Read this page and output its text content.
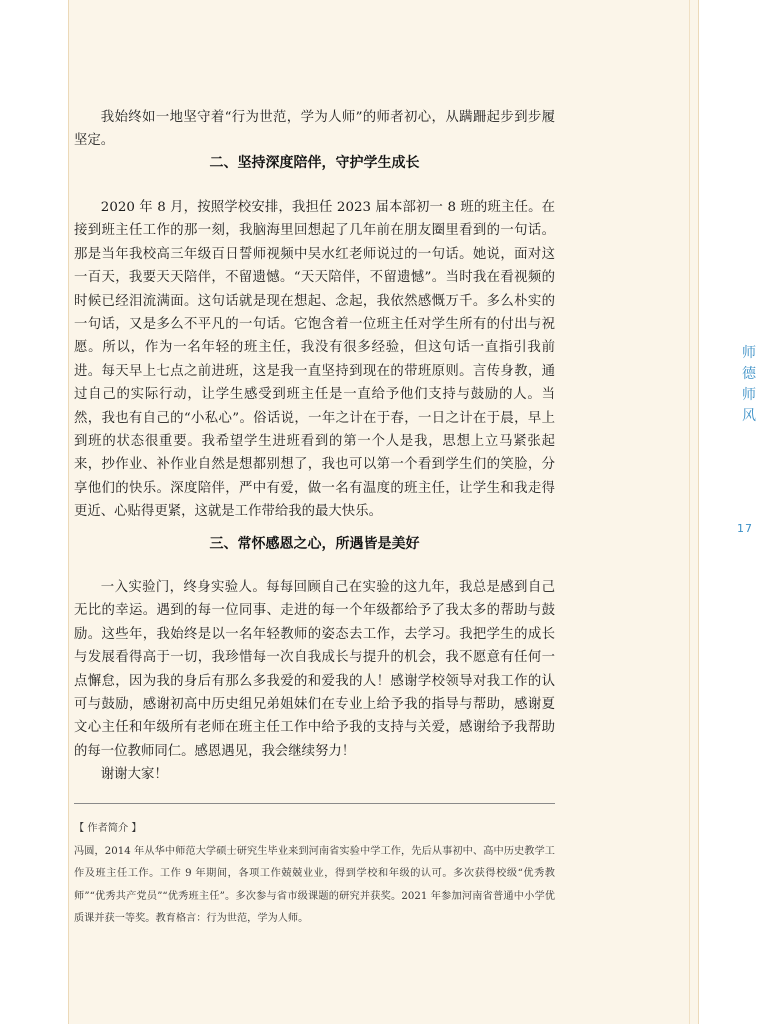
我始终如一地坚守着“行为世范，学为人师”的师者初心，从蹒跚起步到步履坚定。

二、坚持深度陪伴，守护学生成长

2020 年 8 月，按照学校安排，我担任 2023 届本部初一 8 班的班主任。在接到班主任工作的那一刻，我脑海里回想起了几年前在朋友圈里看到的一句话。那是当年我校高三年级百日誓师视频中吴水红老师说过的一句话。她说，面对这一百天，我要天天陪伴，不留遗憾。“天天陪伴，不留遗憾”。当时我在看视频的时候已经泪流满面。这句话就是现在想起、念起，我依然感慨万千。多么朴实的一句话，又是多么不平凡的一句话。它饱含着一位班主任对学生所有的付出与祝愿。所以，作为一名年轻的班主任，我没有很多经验，但这句话一直指引我前进。每天早上七点之前进班，这是我一直坚持到现在的带班原则。言传身教，通过自己的实际行动，让学生感受到班主任是一直给予他们支持与鼓励的人。当然，我也有自己的“小私心”。俗话说，一年之计在于春，一日之计在于晨，早上到班的状态很重要。我希望学生进班看到的第一个人是我，思想上立马紧张起来，抄作业、补作业自然是想都别想了，我也可以第一个看到学生们的笑脸，分享他们的快乐。深度陪伴，严中有爱，做一名有温度的班主任，让学生和我走得更近、心贴得更紧，这就是工作带给我的最大快乐。

三、常怀感恩之心，所遇皆是美好

一入实验门，终身实验人。每每回顾自己在实验的这九年，我总是感到自己无比的幸运。遇到的每一位同事、走进的每一个年级都给予了我太多的帮助与鼓励。这些年，我始终是以一名年轻教师的姿态去工作，去学习。我把学生的成长与发展看得高于一切，我珍惜每一次自我成长与提升的机会，我不愿意有任何一点懈怠，因为我的身后有那么多我爱的和爱我的人！感谢学校领导对我工作的认可与鼓励，感谢初高中历史组兄弟姐妹们在专业上给予我的指导与帮助，感谢夏文心主任和年级所有老师在班主任工作中给予我的支持与关爱，感谢给予我帮助的每一位教师同仁。感恩遇见，我会继续努力！

谢谢大家！

【 作者简介 】

冯圆，2014 年从华中师范大学硕士研究生毕业来到河南省实验中学工作，先后从事初中、高中历史教学工作及班主任工作。工作 9 年期间，各项工作兢兢业业，得到学校和年级的认可。多次获得校级“优秀教师”“优秀共产党员”“优秀班主任”。多次参与省市级课题的研究并获奖。2021 年参加河南省普通中小学优质课并获一等奖。教育格言：行为世范，学为人师。

师
德
师
风
17
